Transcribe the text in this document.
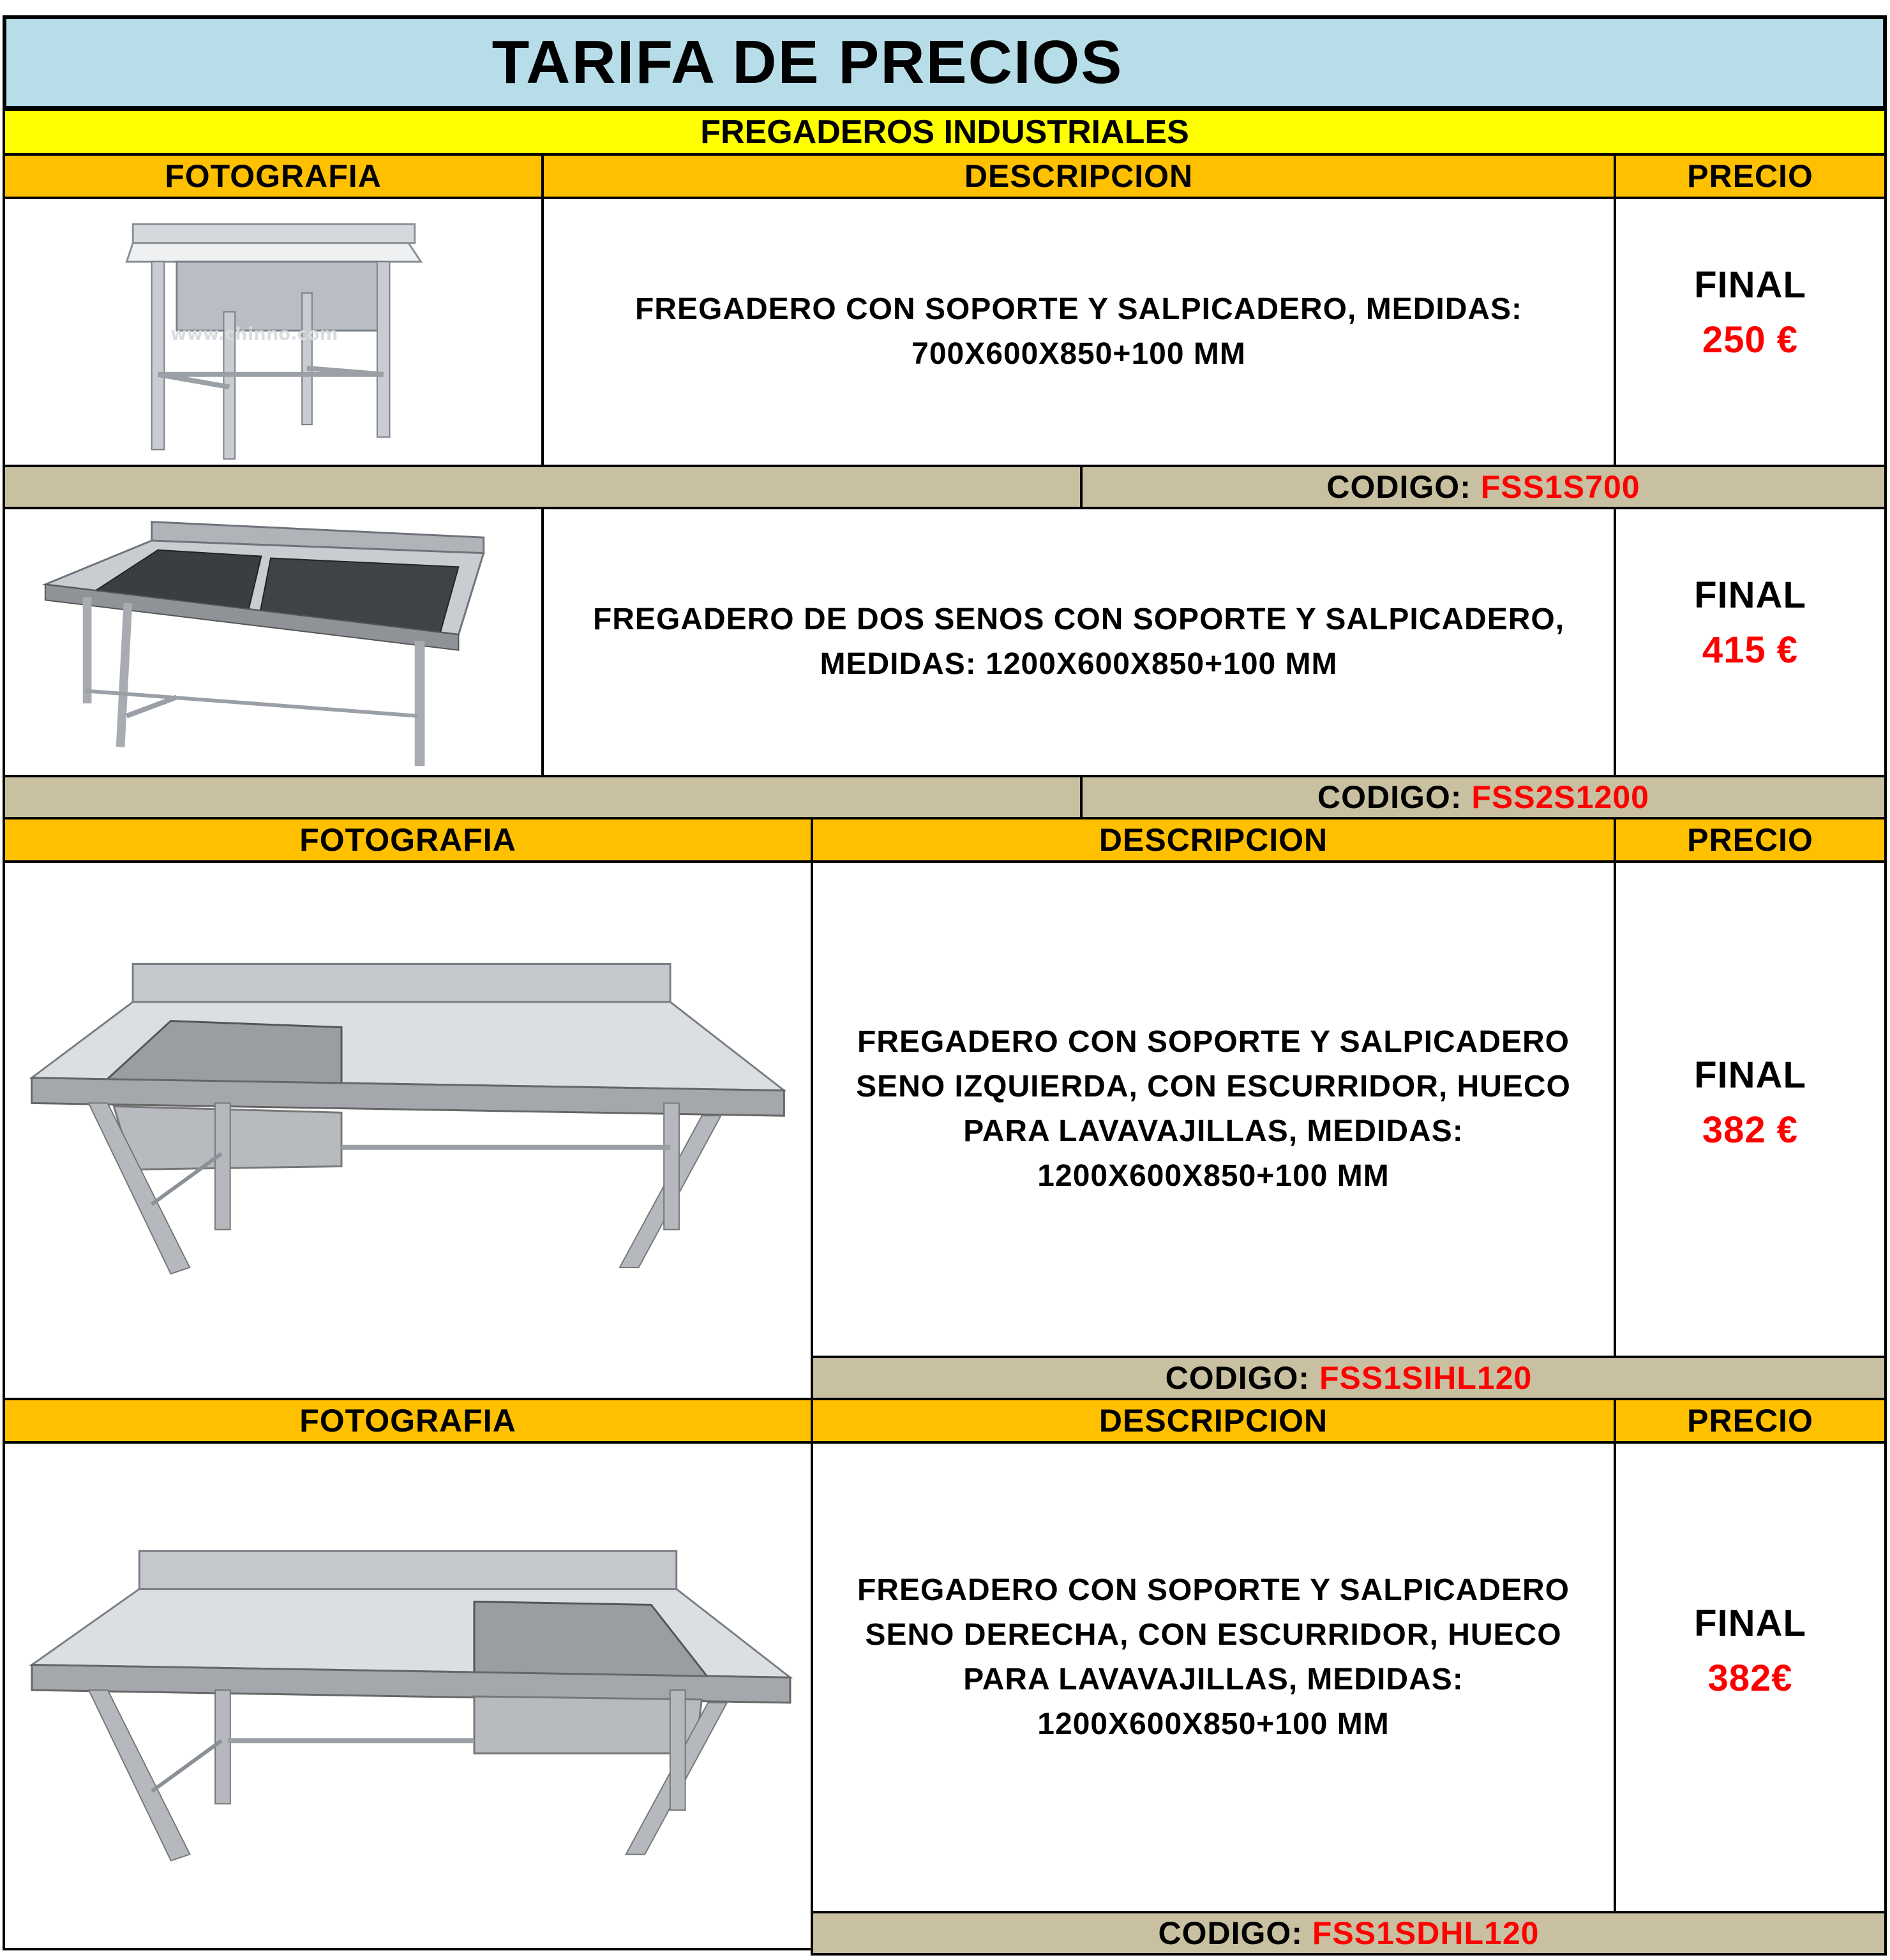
TARIFA DE PRECIOS
FREGADEROS INDUSTRIALES
FOTOGRAFIA	DESCRIPCION	PRECIO
www.chinno.com
FREGADERO CON SOPORTE Y SALPICADERO, MEDIDAS: 700X600X850+100 MM
FINAL
250 €
CODIGO:
FSS1S700
FREGADERO DE DOS SENOS CON SOPORTE Y SALPICADERO, MEDIDAS: 1200X600X850+100 MM
FINAL
415 €
CODIGO:
FSS2S1200
FOTOGRAFIA	DESCRIPCION	PRECIO
FREGADERO CON SOPORTE Y SALPICADERO SENO IZQUIERDA, CON ESCURRIDOR, HUECO PARA LAVAVAJILLAS, MEDIDAS: 1200X600X850+100 MM
FINAL
382 €
CODIGO:
FSS1SIHL120
FOTOGRAFIA	DESCRIPCION	PRECIO
FREGADERO CON SOPORTE Y SALPICADERO SENO DERECHA, CON ESCURRIDOR, HUECO PARA LAVAVAJILLAS, MEDIDAS: 1200X600X850+100 MM
FINAL
382€
CODIGO:
FSS1SDHL120
